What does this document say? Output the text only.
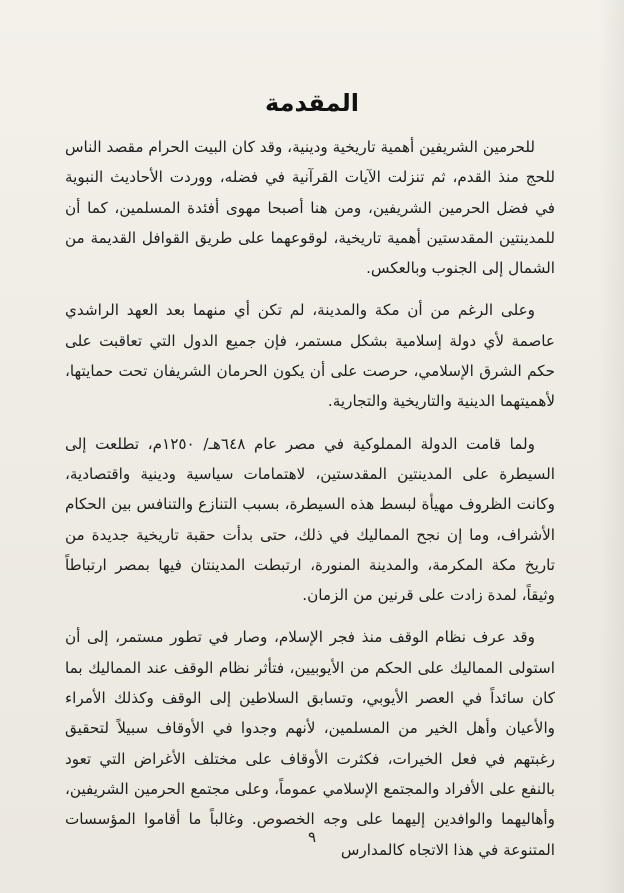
المقدمة

للحرمين الشريفين أهمية تاريخية ودينية، وقد كان البيت الحرام مقصد الناس للحج منذ القدم، ثم تنزلت الآيات القرآنية في فضله، ووردت الأحاديث النبوية في فضل الحرمين الشريفين، ومن هنا أصبحا مهوى أفئدة المسلمين، كما أن للمدينتين المقدستين أهمية تاريخية، لوقوعهما على طريق القوافل القديمة من الشمال إلى الجنوب وبالعكس.

وعلى الرغم من أن مكة والمدينة، لم تكن أي منهما بعد العهد الراشدي عاصمة لأي دولة إسلامية بشكل مستمر، فإن جميع الدول التي تعاقبت على حكم الشرق الإسلامي، حرصت على أن يكون الحرمان الشريفان تحت حمايتها، لأهميتهما الدينية والتاريخية والتجارية.

ولما قامت الدولة المملوكية في مصر عام ٦٤٨هـ/ ١٢٥٠م، تطلعت إلى السيطرة على المدينتين المقدستين، لاهتمامات سياسية ودينية واقتصادية، وكانت الظروف مهيأة لبسط هذه السيطرة، بسبب التنازع والتنافس بين الحكام الأشراف، وما إن نجح المماليك في ذلك، حتى بدأت حقبة تاريخية جديدة من تاريخ مكة المكرمة، والمدينة المنورة، ارتبطت المدينتان فيها بمصر ارتباطاً وثيقاً، لمدة زادت على قرنين من الزمان.

وقد عرف نظام الوقف منذ فجر الإسلام، وصار في تطور مستمر، إلى أن استولى المماليك على الحكم من الأيوبيين، فتأثر نظام الوقف عند المماليك بما كان سائداً في العصر الأيوبي، وتسابق السلاطين إلى الوقف وكذلك الأمراء والأعيان وأهل الخير من المسلمين، لأنهم وجدوا في الأوقاف سبيلاً لتحقيق رغبتهم في فعل الخيرات، فكثرت الأوقاف على مختلف الأغراض التي تعود بالنفع على الأفراد والمجتمع الإسلامي عموماً، وعلى مجتمع الحرمين الشريفين، وأهاليهما والوافدين إليهما على وجه الخصوص. وغالباً ما أقاموا المؤسسات المتنوعة في هذا الاتجاه كالمدارس

٩
